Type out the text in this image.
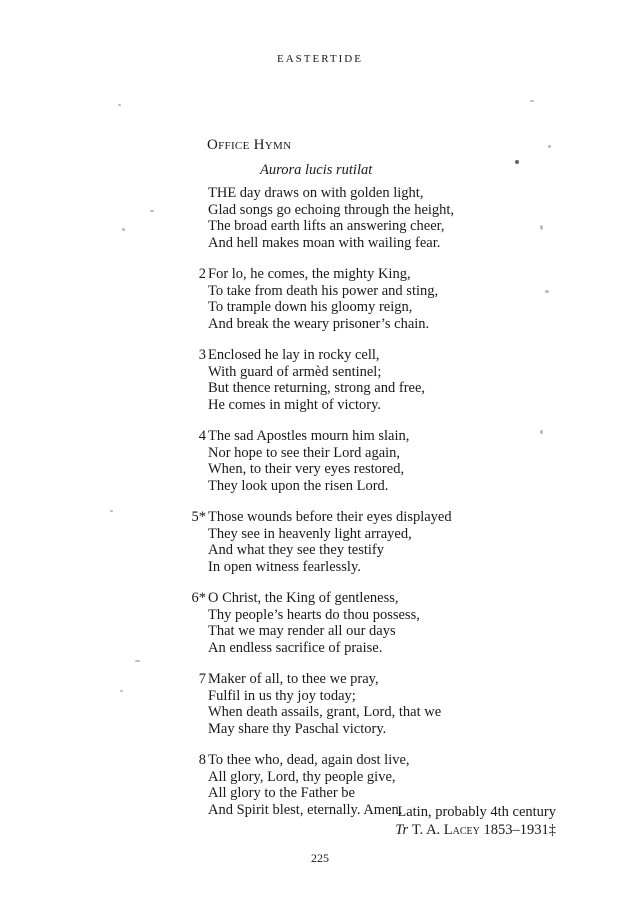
EASTERTIDE
Office Hymn
Aurora lucis rutilat
THE day draws on with golden light,
Glad songs go echoing through the height,
The broad earth lifts an answering cheer,
And hell makes moan with wailing fear.
2 For lo, he comes, the mighty King,
To take from death his power and sting,
To trample down his gloomy reign,
And break the weary prisoner’s chain.
3 Enclosed he lay in rocky cell,
With guard of armèd sentinel;
But thence returning, strong and free,
He comes in might of victory.
4 The sad Apostles mourn him slain,
Nor hope to see their Lord again,
When, to their very eyes restored,
They look upon the risen Lord.
5* Those wounds before their eyes displayed
They see in heavenly light arrayed,
And what they see they testify
In open witness fearlessly.
6* O Christ, the King of gentleness,
Thy people’s hearts do thou possess,
That we may render all our days
An endless sacrifice of praise.
7 Maker of all, to thee we pray,
Fulfil in us thy joy today;
When death assails, grant, Lord, that we
May share thy Paschal victory.
8 To thee who, dead, again dost live,
All glory, Lord, thy people give,
All glory to the Father be
And Spirit blest, eternally. Amen.
Latin, probably 4th century
Tr T. A. Lacey 1853–1931‡
225
